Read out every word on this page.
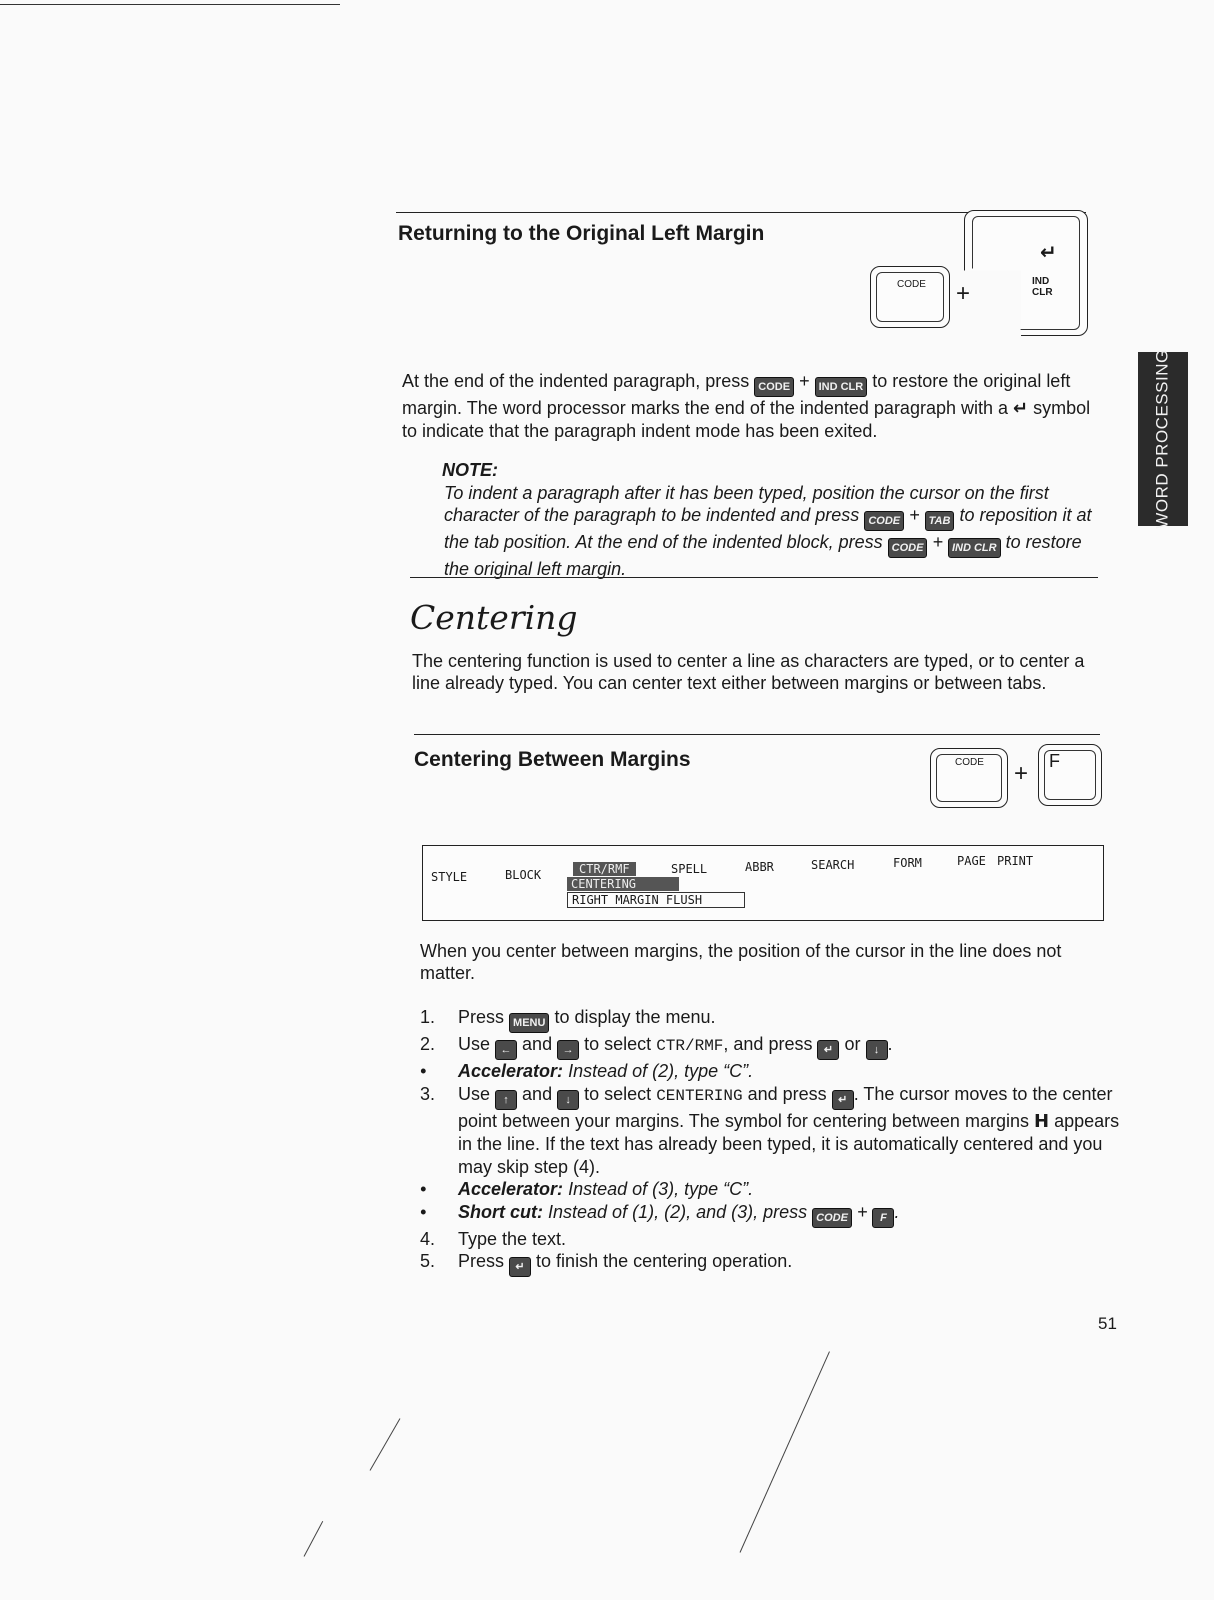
WORD PROCESSING
Returning to the Original Left Margin
CODE +
↵
IND CLR
At the end of the indented paragraph, press CODE + IND CLR to restore the original left margin. The word processor marks the end of the indented paragraph with a ↵ symbol to indicate that the paragraph indent mode has been exited.
NOTE:
To indent a paragraph after it has been typed, position the cursor on the first character of the paragraph to be indented and press CODE + TAB to reposition it at the tab position. At the end of the indented block, press CODE + IND CLR to restore the original left margin.
Centering
The centering function is used to center a line as characters are typed, or to center a line already typed. You can center text either between margins or between tabs.
Centering Between Margins	CODE + F
STYLE	BLOCK	CTR/RMF	SPELL	ABBR	SEARCH	FORM	PAGE PRINT
CENTERING
RIGHT MARGIN FLUSH
When you center between margins, the position of the cursor in the line does not matter.
1.	Press MENU to display the menu.
2.	Use ← and → to select CTR/RMF, and press ↵ or ↓ .
•	Accelerator: Instead of (2), type “C”.
3.	Use ↑ and ↓ to select CENTERING and press ↵ . The cursor moves to the center point between your margins. The symbol for centering between margins H appears in the line. If the text has already been typed, it is automatically centered and you may skip step (4).
•	Accelerator: Instead of (3), type “C”.
•	Short cut: Instead of (1), (2), and (3), press CODE + F .
4.	Type the text.
5.	Press ↵ to finish the centering operation.
51
